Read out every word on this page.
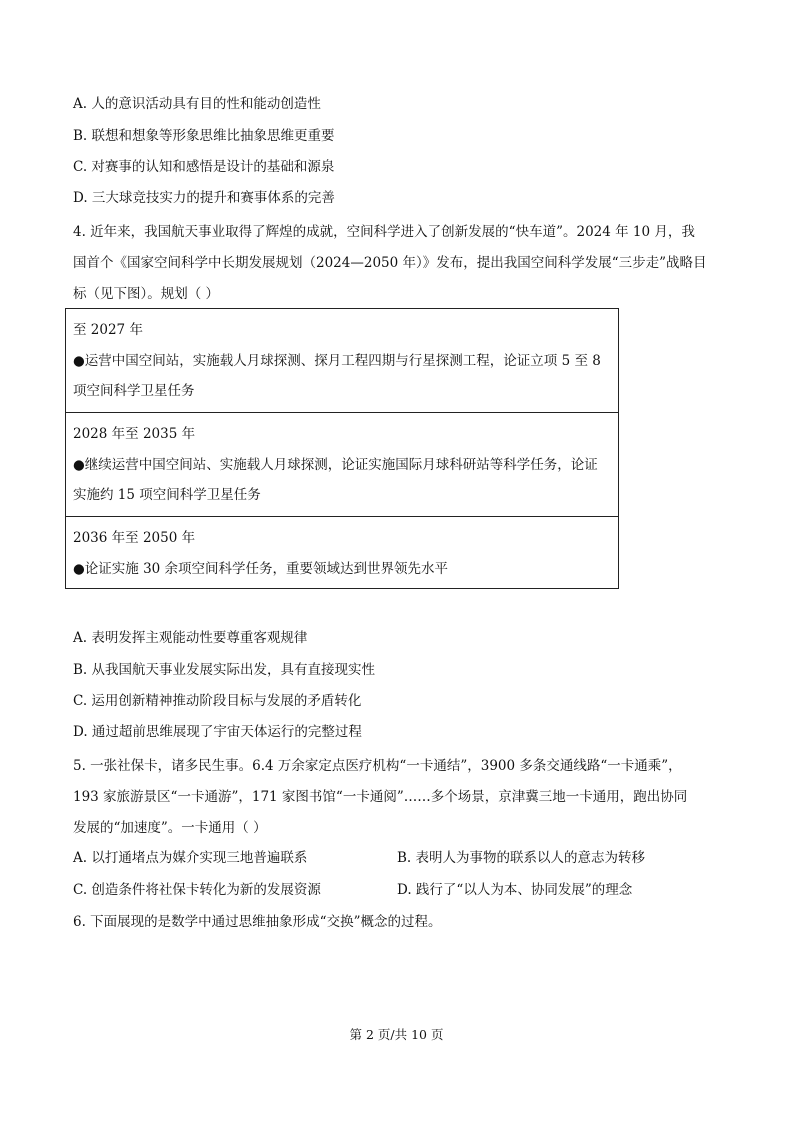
A. 人的意识活动具有目的性和能动创造性
B. 联想和想象等形象思维比抽象思维更重要
C. 对赛事的认知和感悟是设计的基础和源泉
D. 三大球竞技实力的提升和赛事体系的完善
4. 近年来，我国航天事业取得了辉煌的成就，空间科学进入了创新发展的“快车道”。2024 年 10 月，我
国首个《国家空间科学中长期发展规划（2024—2050 年）》发布，提出我国空间科学发展“三步走”战略目
标（见下图）。规划（ ）
至 2027 年
●运营中国空间站，实施载人月球探测、探月工程四期与行星探测工程，论证立项 5 至 8
项空间科学卫星任务
2028 年至 2035 年
●继续运营中国空间站、实施载人月球探测，论证实施国际月球科研站等科学任务，论证
实施约 15 项空间科学卫星任务
2036 年至 2050 年
●论证实施 30 余项空间科学任务，重要领域达到世界领先水平
A. 表明发挥主观能动性要尊重客观规律
B. 从我国航天事业发展实际出发，具有直接现实性
C. 运用创新精神推动阶段目标与发展的矛盾转化
D. 通过超前思维展现了宇宙天体运行的完整过程
5. 一张社保卡，诸多民生事。6.4 万余家定点医疗机构“一卡通结”，3900 多条交通线路“一卡通乘”，
193 家旅游景区“一卡通游”，171 家图书馆“一卡通阅”……多个场景，京津冀三地一卡通用，跑出协同
发展的“加速度”。一卡通用（ ）
A. 以打通堵点为媒介实现三地普遍联系	B. 表明人为事物的联系以人的意志为转移
C. 创造条件将社保卡转化为新的发展资源	D. 践行了“以人为本、协同发展”的理念
6. 下面展现的是数学中通过思维抽象形成“交换”概念的过程。
第 2 页/共 10 页
